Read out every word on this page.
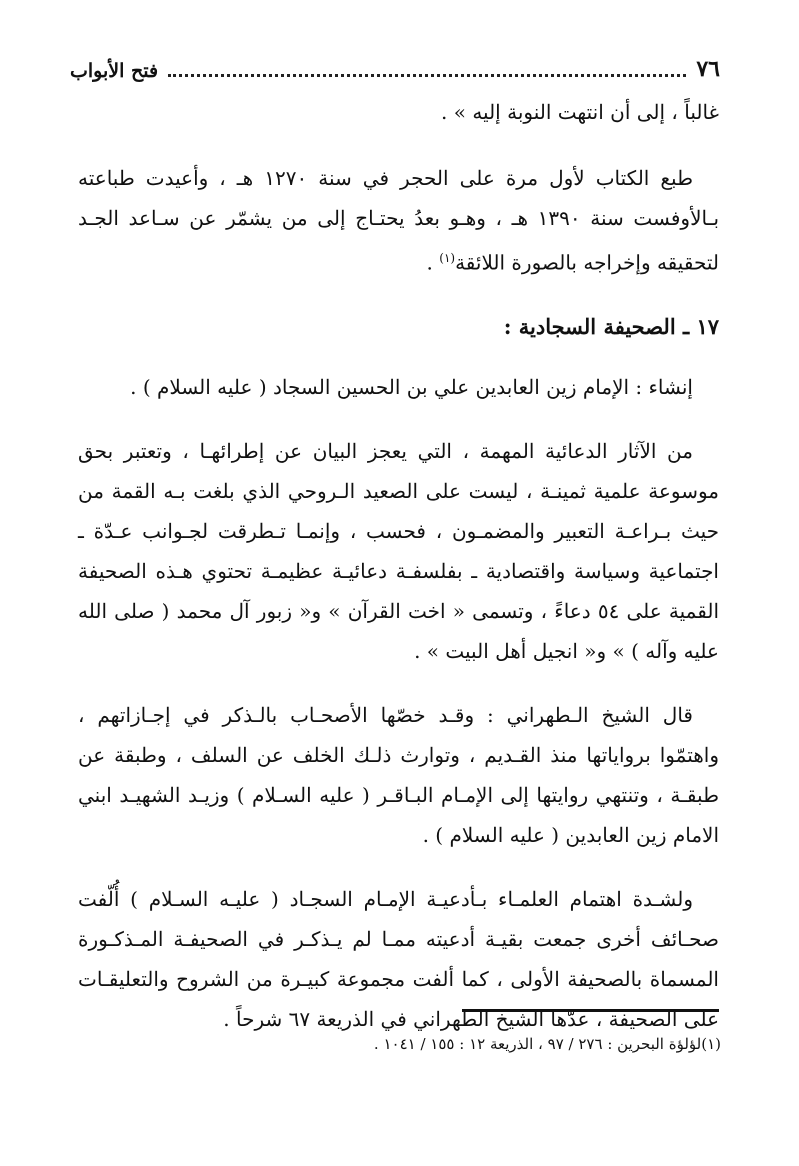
٧٦
فتح الأبواب

غالباً ، إلى أن انتهت النوبة إليه » .

طبع الكتاب لأول مرة على الحجر في سنة ١٢٧٠ هـ ، وأعيدت طباعته بـالأوفست سنة ١٣٩٠ هـ ، وهـو بعدُ يحتـاج إلى من يشمّر عن سـاعد الجـد لتحقيقه وإخراجه بالصورة اللائقة$^{(١)}$ .

١٧ ـ الصحيفة السجادية :

إنشاء : الإمام زين العابدين علي بن الحسين السجاد ( عليه السلام ) .

من الآثار الدعائية المهمة ، التي يعجز البيان عن إطرائهـا ، وتعتبر بحق موسوعة علمية ثمينـة ، ليست على الصعيد الـروحي الذي بلغت بـه القمة من حيث بـراعـة التعبير والمضمـون ، فحسب ، وإنمـا تـطرقت لجـوانب عـدّة ـ اجتماعية وسياسة واقتصادية ـ بفلسفـة دعائيـة عظيمـة تحتوي هـذه الصحيفة القمية على ٥٤ دعاءً ، وتسمى « اخت القرآن » و« زبور آل محمد ( صلى الله عليه وآله ) » و« انجيل أهل البيت » .

قال الشيخ الـطهراني : وقـد خصّها الأصحـاب بالـذكر في إجـازاتهم ، واهتمّوا برواياتها منذ القـديم ، وتوارث ذلـك الخلف عن السلف ، وطبقة عن طبقـة ، وتنتهي روايتها إلى الإمـام البـاقـر ( عليه السـلام ) وزيـد الشهيـد ابني الامام زين العابدين ( عليه السلام ) .

ولشـدة اهتمام العلمـاء بـأدعيـة الإمـام السجـاد ( عليـه السـلام ) أُلّفت صحـائف أخرى جمعت بقيـة أدعيته ممـا لم يـذكـر في الصحيفـة المـذكـورة المسماة بالصحيفة الأولى ، كما ألفت مجموعة كبيـرة من الشروح والتعليقـات على الصحيفة ، عدّها الشيخ الطهراني في الذريعة ٦٧ شرحاً .

(١)لؤلؤة البحرين : ٢٧٦ / ٩٧ ، الذريعة ١٢ : ١٥٥ / ١٠٤١ .
